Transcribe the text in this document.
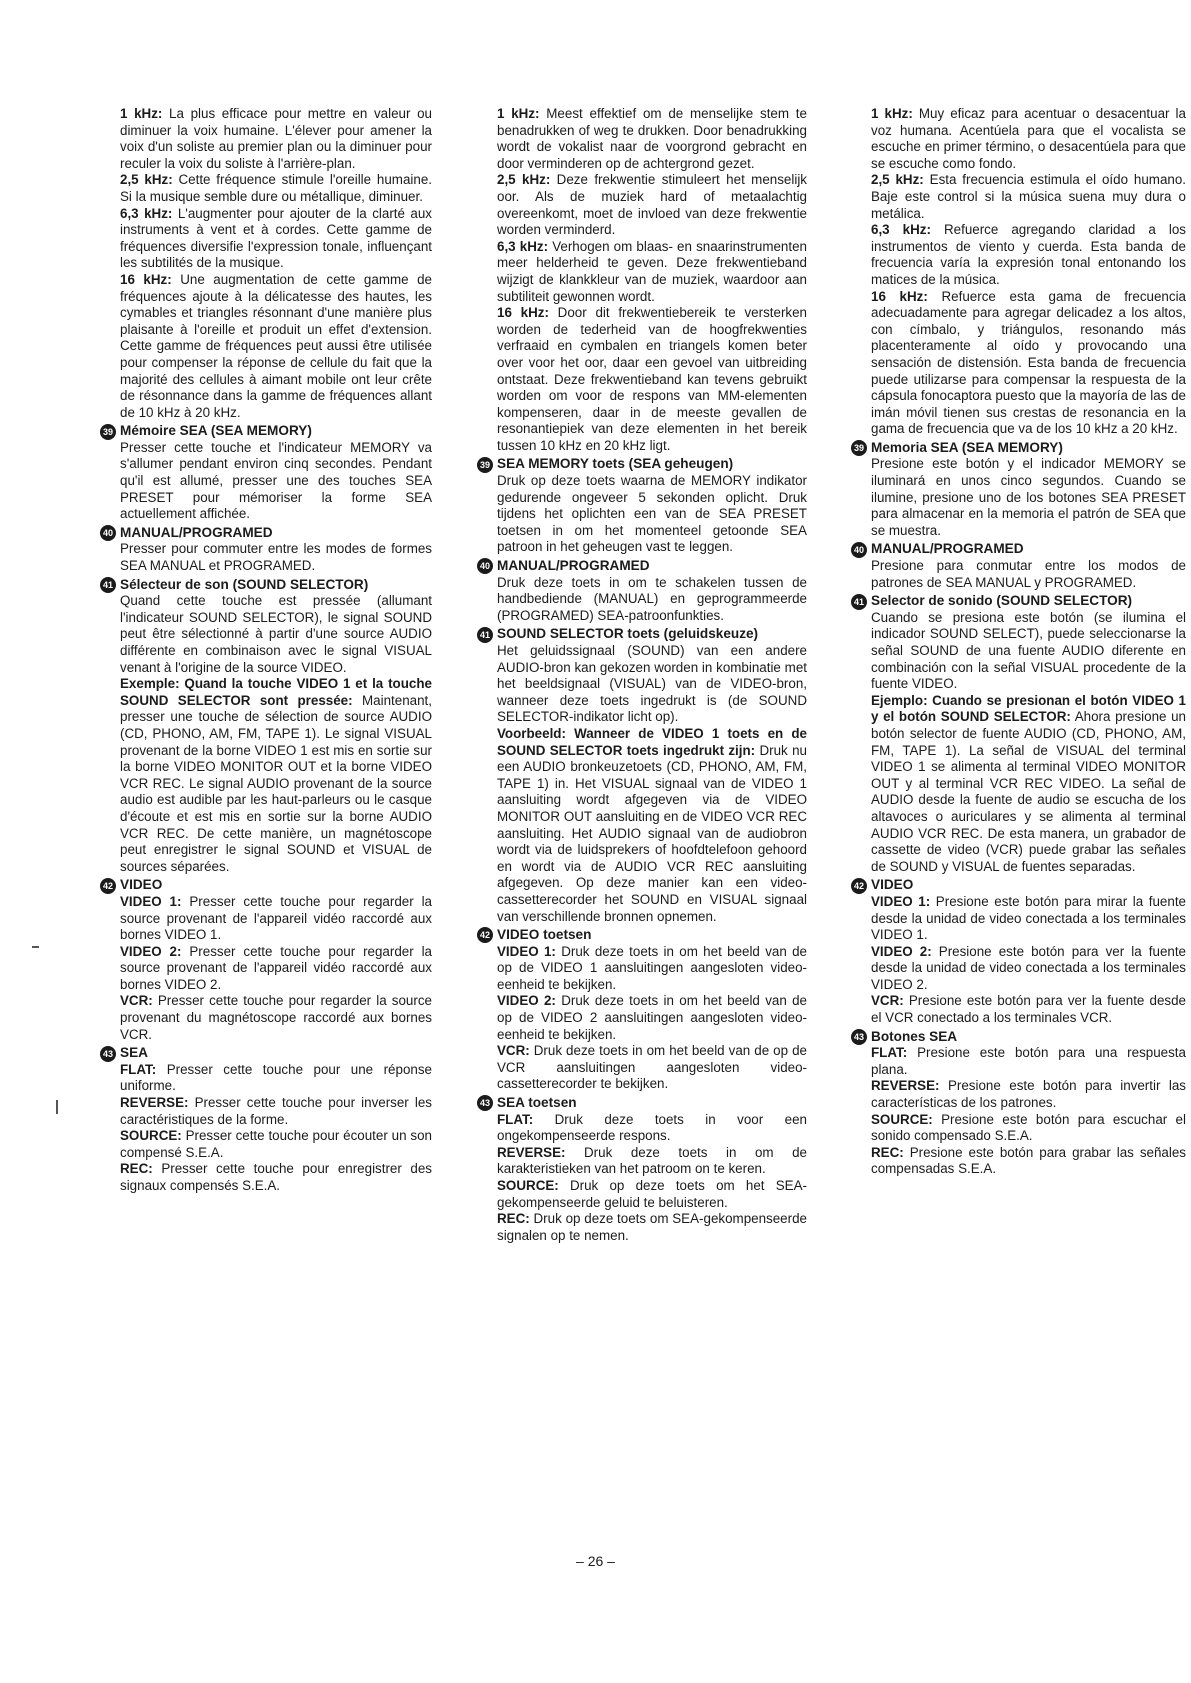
1 kHz: La plus efficace pour mettre en valeur ou diminuer la voix humaine. L'élever pour amener la voix d'un soliste au premier plan ou la diminuer pour reculer la voix du soliste à l'arrière-plan.

2,5 kHz: Cette fréquence stimule l'oreille humaine. Si la musique semble dure ou métallique, diminuer.

6,3 kHz: L'augmenter pour ajouter de la clarté aux instruments à vent et à cordes. Cette gamme de fréquences diversifie l'expression tonale, influençant les subtilités de la musique.

16 kHz: Une augmentation de cette gamme de fréquences ajoute à la délicatesse des hautes, les cymables et triangles résonnant d'une manière plus plaisante à l'oreille et produit un effet d'extension. Cette gamme de fréquences peut aussi être utilisée pour compenser la réponse de cellule du fait que la majorité des cellules à aimant mobile ont leur crête de résonnance dans la gamme de fréquences allant de 10 kHz à 20 kHz.

39 Mémoire SEA (SEA MEMORY)

Presser cette touche et l'indicateur MEMORY va s'allumer pendant environ cinq secondes. Pendant qu'il est allumé, presser une des touches SEA PRESET pour mémoriser la forme SEA actuellement affichée.

40 MANUAL/PROGRAMED

Presser pour commuter entre les modes de formes SEA MANUAL et PROGRAMED.

41 Sélecteur de son (SOUND SELECTOR)

Quand cette touche est pressée (allumant l'indicateur SOUND SELECTOR), le signal SOUND peut être sélectionné à partir d'une source AUDIO différente en combinaison avec le signal VISUAL venant à l'origine de la source VIDEO.

Exemple: Quand la touche VIDEO 1 et la touche SOUND SELECTOR sont pressée: Maintenant, presser une touche de sélection de source AUDIO (CD, PHONO, AM, FM, TAPE 1). Le signal VISUAL provenant de la borne VIDEO 1 est mis en sortie sur la borne VIDEO MONITOR OUT et la borne VIDEO VCR REC. Le signal AUDIO provenant de la source audio est audible par les haut-parleurs ou le casque d'écoute et est mis en sortie sur la borne AUDIO VCR REC. De cette manière, un magnétoscope peut enregistrer le signal SOUND et VISUAL de sources séparées.

42 VIDEO

VIDEO 1: Presser cette touche pour regarder la source provenant de l'appareil vidéo raccordé aux bornes VIDEO 1.

VIDEO 2: Presser cette touche pour regarder la source provenant de l'appareil vidéo raccordé aux bornes VIDEO 2.

VCR: Presser cette touche pour regarder la source provenant du magnétoscope raccordé aux bornes VCR.

43 SEA

FLAT: Presser cette touche pour une réponse uniforme.

REVERSE: Presser cette touche pour inverser les caractéristiques de la forme.

SOURCE: Presser cette touche pour écouter un son compensé S.E.A.

REC: Presser cette touche pour enregistrer des signaux compensés S.E.A.

1 kHz: Meest effektief om de menselijke stem te benadrukken of weg te drukken. Door benadrukking wordt de vokalist naar de voorgrond gebracht en door verminderen op de achtergrond gezet.

2,5 kHz: Deze frekwentie stimuleert het menselijk oor. Als de muziek hard of metaalachtig overeenkomt, moet de invloed van deze frekwentie worden verminderd.

6,3 kHz: Verhogen om blaas- en snaarinstrumenten meer helderheid te geven. Deze frekwentieband wijzigt de klankkleur van de muziek, waardoor aan subtiliteit gewonnen wordt.

16 kHz: Door dit frekwentiebereik te versterken worden de tederheid van de hoogfrekwenties verfraaid en cymbalen en triangels komen beter over voor het oor, daar een gevoel van uitbreiding ontstaat. Deze frekwentieband kan tevens gebruikt worden om voor de respons van MM-elementen kompenseren, daar in de meeste gevallen de resonantiepiek van deze elementen in het bereik tussen 10 kHz en 20 kHz ligt.

39 SEA MEMORY toets (SEA geheugen)

Druk op deze toets waarna de MEMORY indikator gedurende ongeveer 5 sekonden oplicht. Druk tijdens het oplichten een van de SEA PRESET toetsen in om het momenteel getoonde SEA patroon in het geheugen vast te leggen.

40 MANUAL/PROGRAMED

Druk deze toets in om te schakelen tussen de handbediende (MANUAL) en geprogrammeerde (PROGRAMED) SEA-patroonfunkties.

41 SOUND SELECTOR toets (geluidskeuze)

Het geluidssignaal (SOUND) van een andere AUDIO-bron kan gekozen worden in kombinatie met het beeldsignaal (VISUAL) van de VIDEO-bron, wanneer deze toets ingedrukt is (de SOUND SELECTOR-indikator licht op).

Voorbeeld: Wanneer de VIDEO 1 toets en de SOUND SELECTOR toets ingedrukt zijn: Druk nu een AUDIO bronkeuzetoets (CD, PHONO, AM, FM, TAPE 1) in. Het VISUAL signaal van de VIDEO 1 aansluiting wordt afgegeven via de VIDEO MONITOR OUT aansluiting en de VIDEO VCR REC aansluiting. Het AUDIO signaal van de audiobron wordt via de luidsprekers of hoofdtelefoon gehoord en wordt via de AUDIO VCR REC aansluiting afgegeven. Op deze manier kan een video-cassetterecorder het SOUND en VISUAL signaal van verschillende bronnen opnemen.

42 VIDEO toetsen

VIDEO 1: Druk deze toets in om het beeld van de op de VIDEO 1 aansluitingen aangesloten video-eenheid te bekijken.

VIDEO 2: Druk deze toets in om het beeld van de op de VIDEO 2 aansluitingen aangesloten video-eenheid te bekijken.

VCR: Druk deze toets in om het beeld van de op de VCR aansluitingen aangesloten video-cassetterecorder te bekijken.

43 SEA toetsen

FLAT: Druk deze toets in voor een ongekompenseerde respons.

REVERSE: Druk deze toets in om de karakteristieken van het patroom on te keren.

SOURCE: Druk op deze toets om het SEA-gekompenseerde geluid te beluisteren.

REC: Druk op deze toets om SEA-gekompenseerde signalen op te nemen.

1 kHz: Muy eficaz para acentuar o desacentuar la voz humana. Acentúela para que el vocalista se escuche en primer término, o desacentúela para que se escuche como fondo.

2,5 kHz: Esta frecuencia estimula el oído humano. Baje este control si la música suena muy dura o metálica.

6,3 kHz: Refuerce agregando claridad a los instrumentos de viento y cuerda. Esta banda de frecuencia varía la expresión tonal entonando los matices de la música.

16 kHz: Refuerce esta gama de frecuencia adecuadamente para agregar delicadez a los altos, con címbalo, y triángulos, resonando más placenteramente al oído y provocando una sensación de distensión. Esta banda de frecuencia puede utilizarse para compensar la respuesta de la cápsula fonocaptora puesto que la mayoría de las de imán móvil tienen sus crestas de resonancia en la gama de frecuencia que va de los 10 kHz a 20 kHz.

39 Memoria SEA (SEA MEMORY)

Presione este botón y el indicador MEMORY se iluminará en unos cinco segundos. Cuando se ilumine, presione uno de los botones SEA PRESET para almacenar en la memoria el patrón de SEA que se muestra.

40 MANUAL/PROGRAMED

Presione para conmutar entre los modos de patrones de SEA MANUAL y PROGRAMED.

41 Selector de sonido (SOUND SELECTOR)

Cuando se presiona este botón (se ilumina el indicador SOUND SELECT), puede seleccionarse la señal SOUND de una fuente AUDIO diferente en combinación con la señal VISUAL procedente de la fuente VIDEO.

Ejemplo: Cuando se presionan el botón VIDEO 1 y el botón SOUND SELECTOR: Ahora presione un botón selector de fuente AUDIO (CD, PHONO, AM, FM, TAPE 1). La señal de VISUAL del terminal VIDEO 1 se alimenta al terminal VIDEO MONITOR OUT y al terminal VCR REC VIDEO. La señal de AUDIO desde la fuente de audio se escucha de los altavoces o auriculares y se alimenta al terminal AUDIO VCR REC. De esta manera, un grabador de cassette de video (VCR) puede grabar las señales de SOUND y VISUAL de fuentes separadas.

42 VIDEO

VIDEO 1: Presione este botón para mirar la fuente desde la unidad de video conectada a los terminales VIDEO 1.

VIDEO 2: Presione este botón para ver la fuente desde la unidad de video conectada a los terminales VIDEO 2.

VCR: Presione este botón para ver la fuente desde el VCR conectado a los terminales VCR.

43 Botones SEA

FLAT: Presione este botón para una respuesta plana.

REVERSE: Presione este botón para invertir las características de los patrones.

SOURCE: Presione este botón para escuchar el sonido compensado S.E.A.

REC: Presione este botón para grabar las señales compensadas S.E.A.

– 26 –
